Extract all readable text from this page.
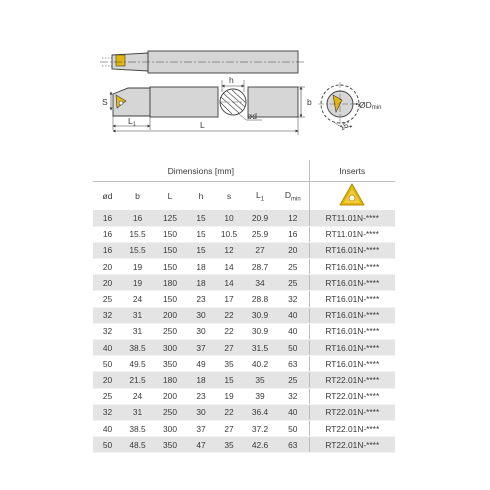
h
b
S
$L_1$	L
ød
ØDmin
15°
Dimensions [mm]							Inserts
ød	b	L	h	s	$L_1$	$D_{min}$	
16	16	125	15	10	20.9	12	RT11.01N-****
16	15.5	150	15	10.5	25.9	16	RT11.01N-****
16	15.5	150	15	12	27	20	RT16.01N-****
20	19	150	18	14	28.7	25	RT16.01N-****
20	19	180	18	14	34	25	RT16.01N-****
25	24	150	23	17	28.8	32	RT16.01N-****
32	31	200	30	22	30.9	40	RT16.01N-****
32	31	250	30	22	30.9	40	RT16.01N-****
40	38.5	300	37	27	31.5	50	RT16.01N-****
50	49.5	350	49	35	40.2	63	RT16.01N-****
20	21.5	180	18	15	35	25	RT22.01N-****
25	24	200	23	19	39	32	RT22.01N-****
32	31	250	30	22	36.4	40	RT22.01N-****
40	38.5	300	37	27	37.2	50	RT22.01N-****
50	48.5	350	47	35	42.6	63	RT22.01N-****
